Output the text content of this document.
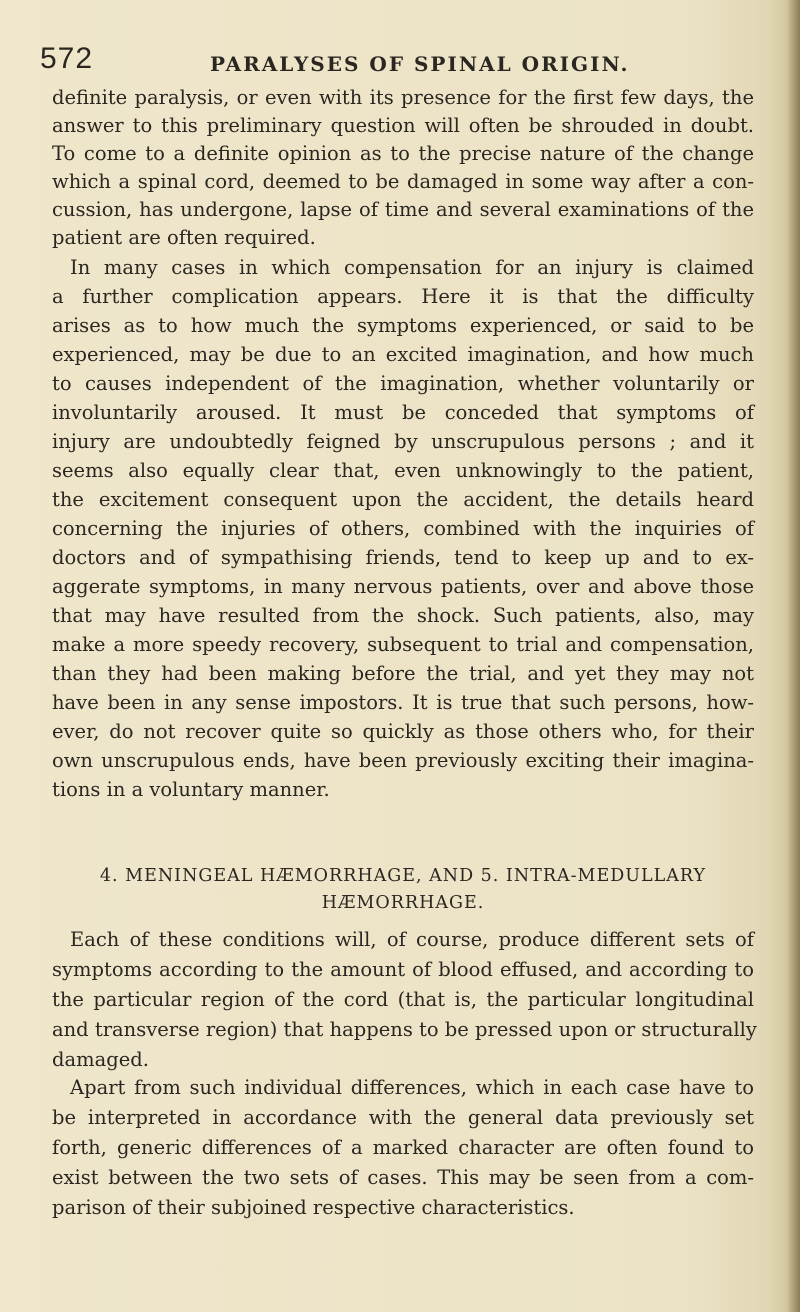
572	PARALYSES OF SPINAL ORIGIN.
definite paralysis, or even with its presence for the first few days, the
answer to this preliminary question will often be shrouded in doubt.
To come to a definite opinion as to the precise nature of the change
which a spinal cord, deemed to be damaged in some way after a con-
cussion, has undergone, lapse of time and several examinations of the
patient are often required.
In many cases in which compensation for an injury is claimed
a further complication appears. Here it is that the difficulty
arises as to how much the symptoms experienced, or said to be
experienced, may be due to an excited imagination, and how much
to causes independent of the imagination, whether voluntarily or
involuntarily aroused. It must be conceded that symptoms of
injury are undoubtedly feigned by unscrupulous persons ; and it
seems also equally clear that, even unknowingly to the patient,
the excitement consequent upon the accident, the details heard
concerning the injuries of others, combined with the inquiries of
doctors and of sympathising friends, tend to keep up and to ex-
aggerate symptoms, in many nervous patients, over and above those
that may have resulted from the shock. Such patients, also, may
make a more speedy recovery, subsequent to trial and compensation,
than they had been making before the trial, and yet they may not
have been in any sense impostors. It is true that such persons, how-
ever, do not recover quite so quickly as those others who, for their
own unscrupulous ends, have been previously exciting their imagina-
tions in a voluntary manner.
4. MENINGEAL HÆMORRHAGE, AND 5. INTRA-MEDULLARY
HÆMORRHAGE.
Each of these conditions will, of course, produce different sets of
symptoms according to the amount of blood effused, and according to
the particular region of the cord (that is, the particular longitudinal
and transverse region) that happens to be pressed upon or structurally
damaged.
Apart from such individual differences, which in each case have to
be interpreted in accordance with the general data previously set
forth, generic differences of a marked character are often found to
exist between the two sets of cases. This may be seen from a com-
parison of their subjoined respective characteristics.
